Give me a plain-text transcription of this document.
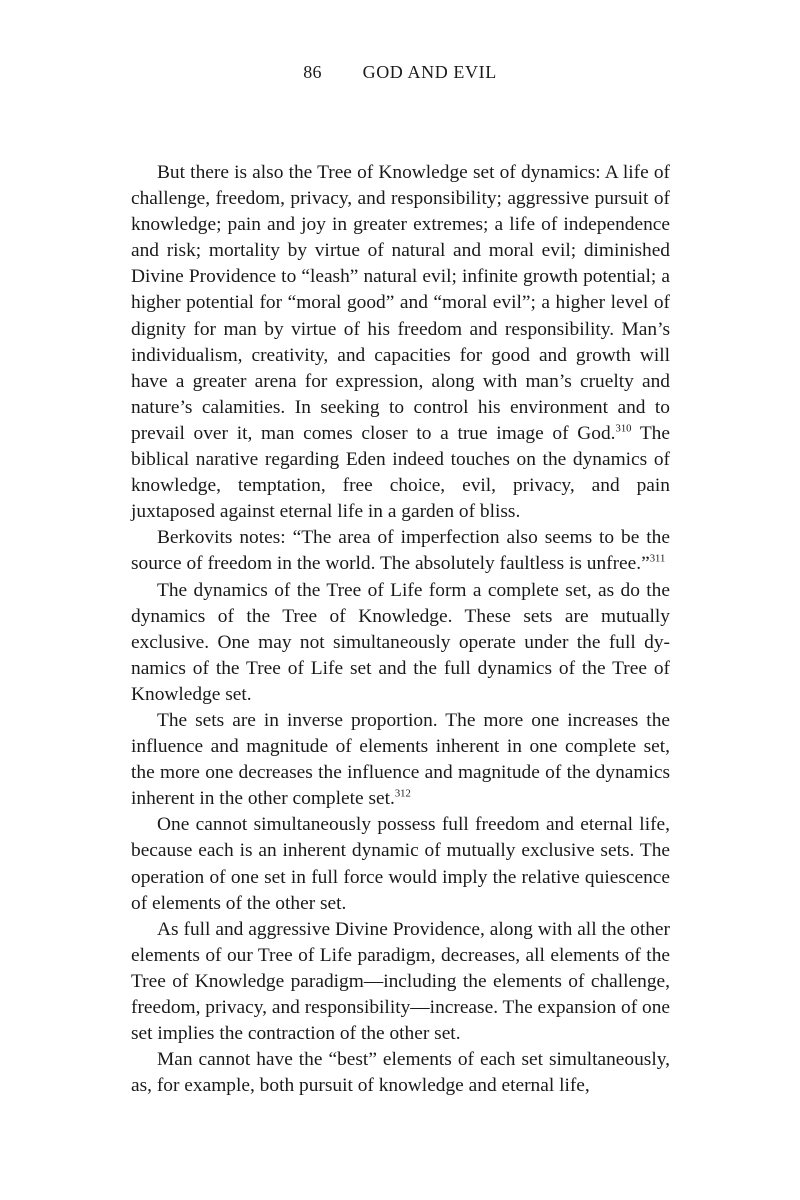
86 GOD AND EVIL

But there is also the Tree of Knowledge set of dynamics: A life of challenge, freedom, privacy, and responsibility; aggressive pursuit of knowledge; pain and joy in greater extremes; a life of independence and risk; mortality by virtue of natural and moral evil; diminished Divine Providence to “leash” natural evil; infinite growth potential; a higher potential for “moral good” and “moral evil”; a higher level of dignity for man by virtue of his freedom and responsibility. Man’s individualism, creativity, and capacities for good and growth will have a greater arena for expression, along with man’s cruelty and nature’s calamities. In seeking to control his environment and to prevail over it, man comes closer to a true image of God.$^{310}$ The biblical narative regarding Eden indeed touches on the dynamics of knowledge, temptation, free choice, evil, privacy, and pain juxtaposed against eternal life in a garden of bliss.

Berkovits notes: “The area of imperfection also seems to be the source of freedom in the world. The absolutely faultless is unfree.”$^{311}$

The dynamics of the Tree of Life form a complete set, as do the dynamics of the Tree of Knowledge. These sets are mutually exclusive. One may not simultaneously operate under the full dynamics of the Tree of Life set and the full dynamics of the Tree of Knowledge set.

The sets are in inverse proportion. The more one increases the influence and magnitude of elements inherent in one complete set, the more one decreases the influence and magnitude of the dynamics inherent in the other complete set.$^{312}$

One cannot simultaneously possess full freedom and eternal life, because each is an inherent dynamic of mutually exclusive sets. The operation of one set in full force would imply the relative quiescence of elements of the other set.

As full and aggressive Divine Providence, along with all the other elements of our Tree of Life paradigm, decreases, all elements of the Tree of Knowledge paradigm—including the elements of challenge, freedom, privacy, and responsibility—increase. The expansion of one set implies the contraction of the other set.

Man cannot have the “best” elements of each set simultaneously, as, for example, both pursuit of knowledge and eternal life,
